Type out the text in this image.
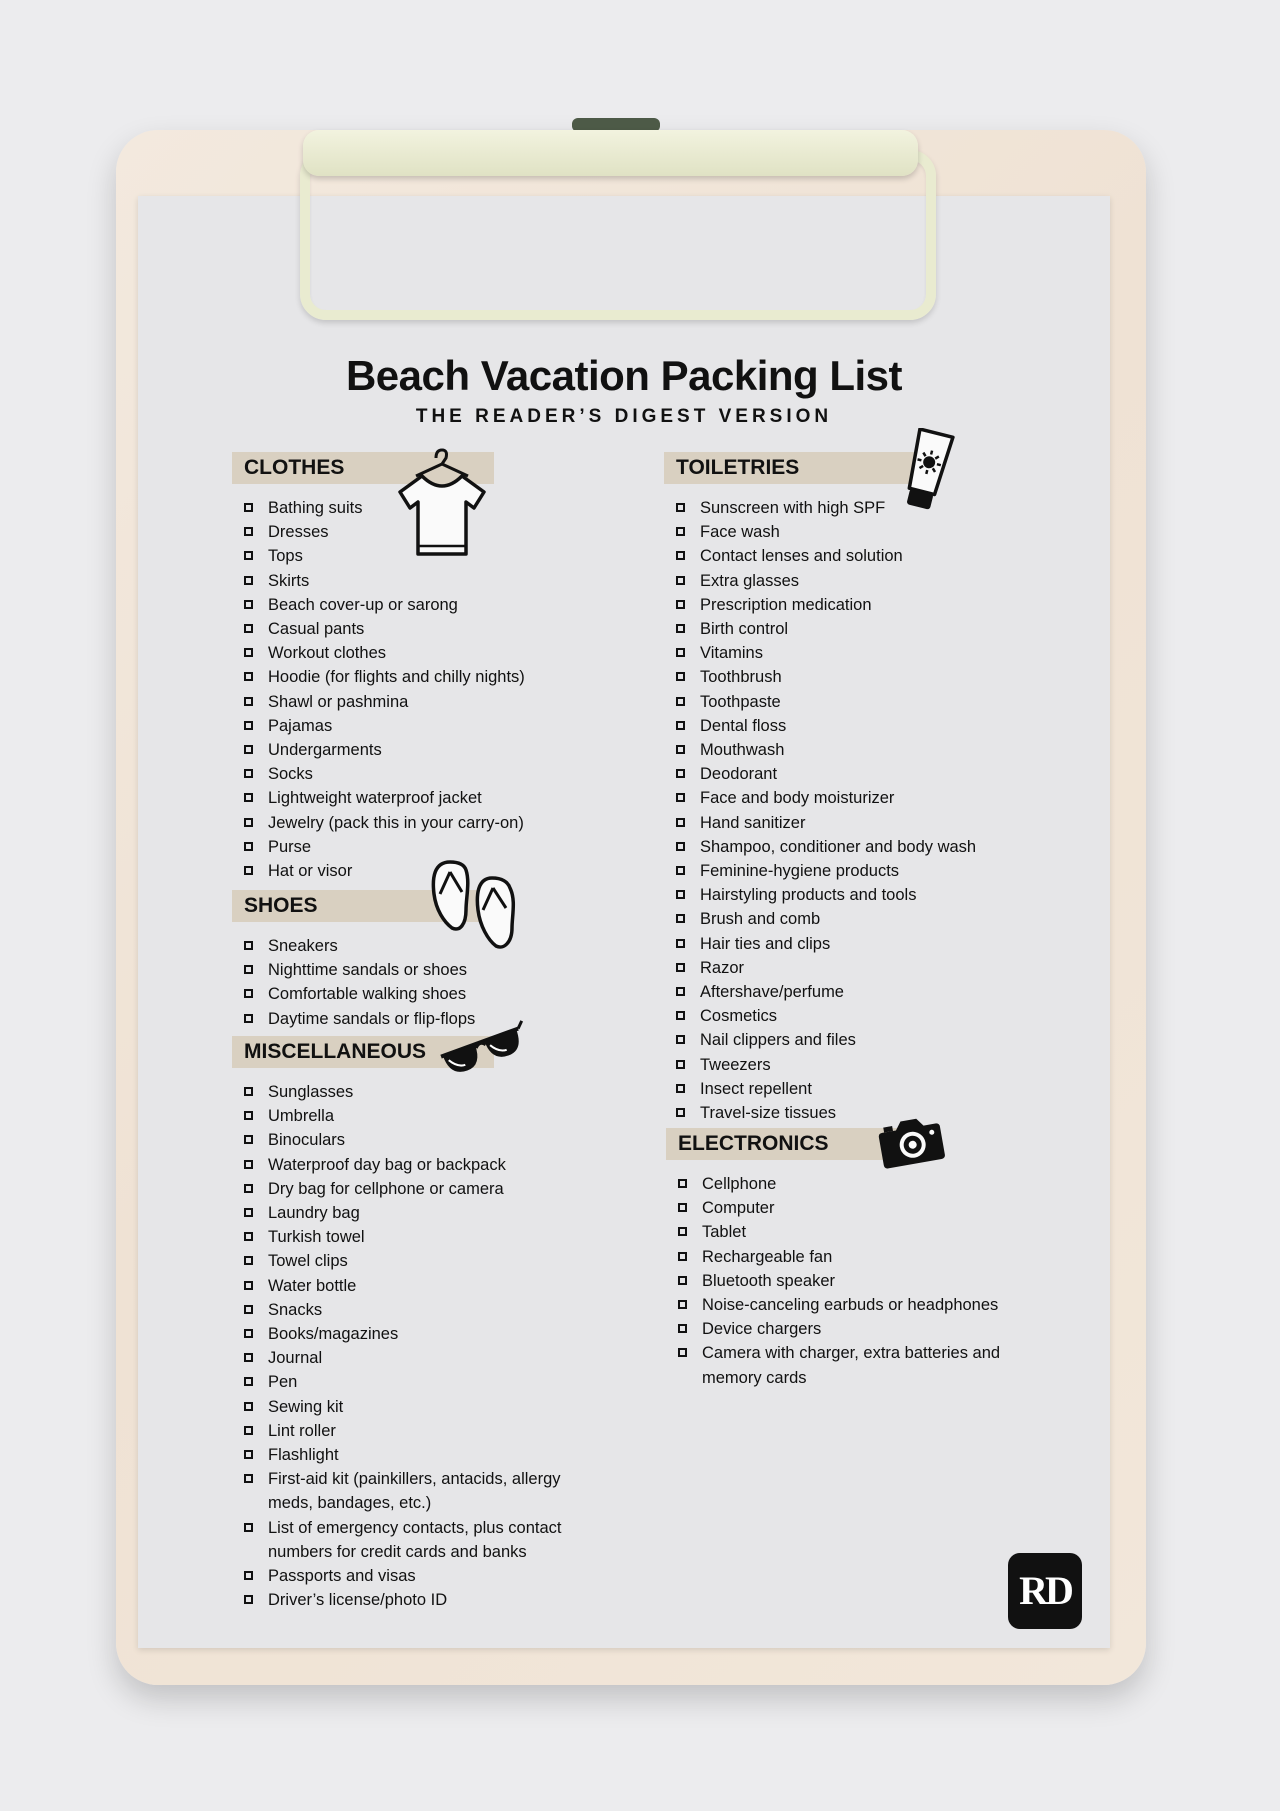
Beach Vacation Packing List
THE READER’S DIGEST VERSION
CLOTHES
Bathing suits
Dresses
Tops
Skirts
Beach cover-up or sarong
Casual pants
Workout clothes
Hoodie (for flights and chilly nights)
Shawl or pashmina
Pajamas
Undergarments
Socks
Lightweight waterproof jacket
Jewelry (pack this in your carry-on)
Purse
Hat or visor
SHOES
Sneakers
Nighttime sandals or shoes
Comfortable walking shoes
Daytime sandals or flip-flops
MISCELLANEOUS
Sunglasses
Umbrella
Binoculars
Waterproof day bag or backpack
Dry bag for cellphone or camera
Laundry bag
Turkish towel
Towel clips
Water bottle
Snacks
Books/magazines
Journal
Pen
Sewing kit
Lint roller
Flashlight
First-aid kit (painkillers, antacids, allergy meds, bandages, etc.)
List of emergency contacts, plus contact numbers for credit cards and banks
Passports and visas
Driver’s license/photo ID
TOILETRIES
Sunscreen with high SPF
Face wash
Contact lenses and solution
Extra glasses
Prescription medication
Birth control
Vitamins
Toothbrush
Toothpaste
Dental floss
Mouthwash
Deodorant
Face and body moisturizer
Hand sanitizer
Shampoo, conditioner and body wash
Feminine-hygiene products
Hairstyling products and tools
Brush and comb
Hair ties and clips
Razor
Aftershave/perfume
Cosmetics
Nail clippers and files
Tweezers
Insect repellent
Travel-size tissues
ELECTRONICS
Cellphone
Computer
Tablet
Rechargeable fan
Bluetooth speaker
Noise-canceling earbuds or headphones
Device chargers
Camera with charger, extra batteries and memory cards
RD
